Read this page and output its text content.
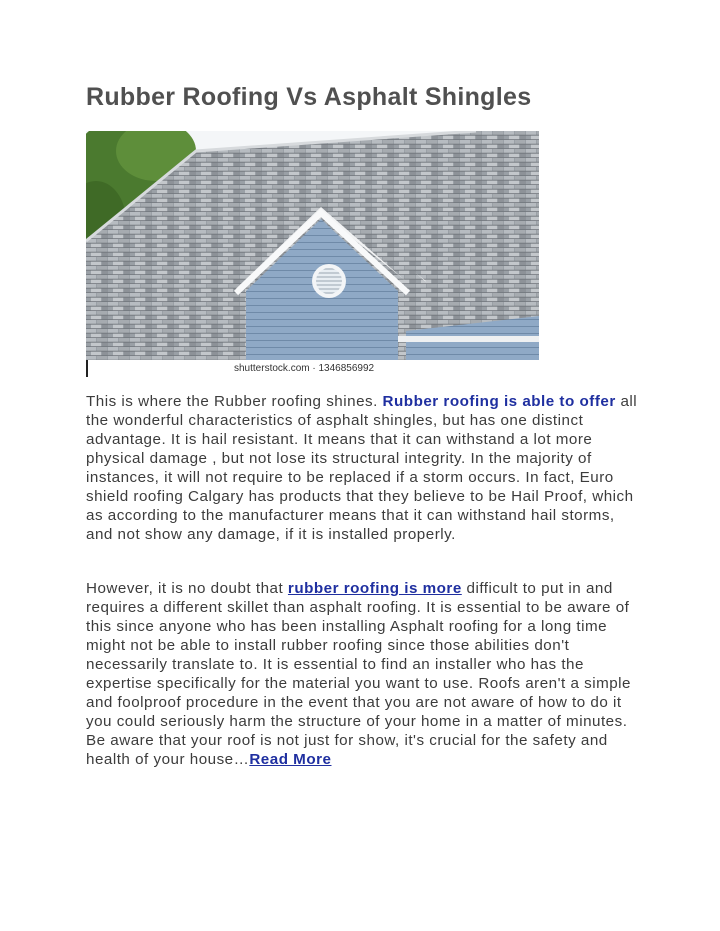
Rubber Roofing Vs Asphalt Shingles
shutterstock.com · 1346856992

This is where the Rubber roofing shines. Rubber roofing is able to offer all the wonderful characteristics of asphalt shingles, but has one distinct advantage. It is hail resistant. It means that it can withstand a lot more physical damage , but not lose its structural integrity. In the majority of instances, it will not require to be replaced if a storm occurs. In fact, Euro shield roofing Calgary has products that they believe to be Hail Proof, which as according to the manufacturer means that it can withstand hail storms, and not show any damage, if it is installed properly.

However, it is no doubt that rubber roofing is more difficult to put in and requires a different skillet than asphalt roofing. It is essential to be aware of this since anyone who has been installing Asphalt roofing for a long time might not be able to install rubber roofing since those abilities don't necessarily translate to. It is essential to find an installer who has the expertise specifically for the material you want to use. Roofs aren't a simple and foolproof procedure in the event that you are not aware of how to do it you could seriously harm the structure of your home in a matter of minutes. Be aware that your roof is not just for show, it's crucial for the safety and health of your house…Read More
